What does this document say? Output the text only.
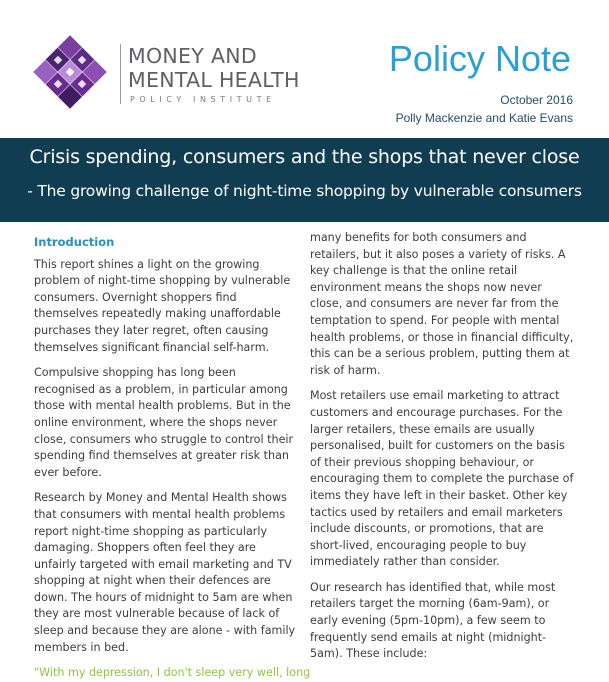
MONEY AND
MENTAL HEALTH
POLICY INSTITUTE
Policy Note
October 2016
Polly Mackenzie and Katie Evans
Crisis spending, consumers and the shops that never close
- The growing challenge of night-time shopping by vulnerable consumers
Introduction

This report shines a light on the growing problem of night-time shopping by vulnerable consumers. Overnight shoppers find themselves repeatedly making unaffordable purchases they later regret, often causing themselves significant financial self-harm.

Compulsive shopping has long been recognised as a problem, in particular among those with mental health problems. But in the online environment, where the shops never close, consumers who struggle to control their spending find themselves at greater risk than ever before.

Research by Money and Mental Health shows that consumers with mental health problems report night-time shopping as particularly damaging. Shoppers often feel they are unfairly targeted with email marketing and TV shopping at night when their defences are down. The hours of midnight to 5am are when they are most vulnerable because of lack of sleep and because they are alone - with family members in bed.

"With my depression, I don't sleep very well, long

many benefits for both consumers and retailers, but it also poses a variety of risks. A key challenge is that the online retail environment means the shops now never close, and consumers are never far from the temptation to spend. For people with mental health problems, or those in financial difficulty, this can be a serious problem, putting them at risk of harm.

Most retailers use email marketing to attract customers and encourage purchases. For the larger retailers, these emails are usually personalised, built for customers on the basis of their previous shopping behaviour, or encouraging them to complete the purchase of items they have left in their basket. Other key tactics used by retailers and email marketers include discounts, or promotions, that are short-lived, encouraging people to buy immediately rather than consider.

Our research has identified that, while most retailers target the morning (6am-9am), or early evening (5pm-10pm), a few seem to frequently send emails at night (midnight-5am). These include:
